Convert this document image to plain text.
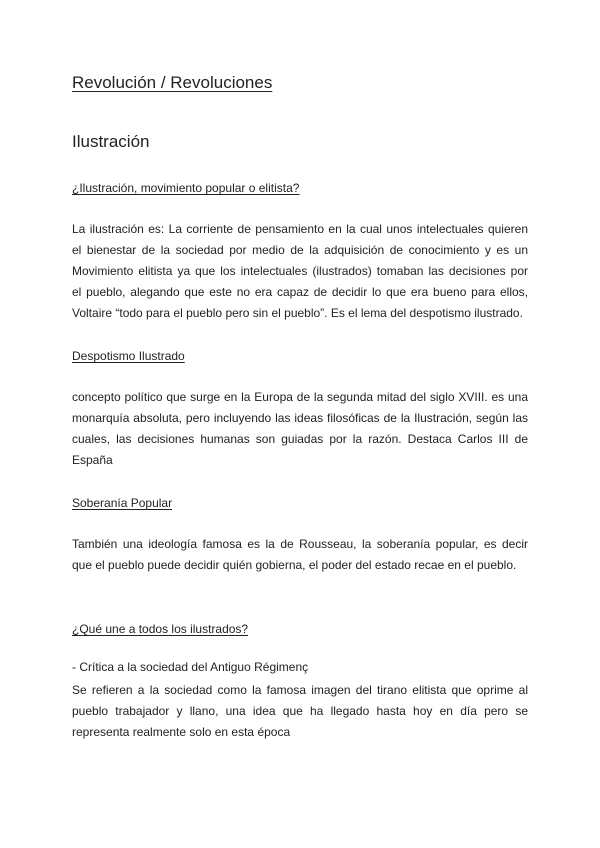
Revolución / Revoluciones
Ilustración
¿Ilustración, movimiento popular o elitista?
La ilustración es: La corriente de pensamiento en la cual unos intelectuales quieren
el bienestar de la sociedad por medio de la adquisición de conocimiento y es un
Movimiento elitista ya que los intelectuales (ilustrados) tomaban las decisiones por
el pueblo, alegando que este no era capaz de decidir lo que era bueno para ellos,
Voltaire “todo para el pueblo pero sin el pueblo”. Es el lema del despotismo ilustrado.
Despotismo Ilustrado
concepto político que surge en la Europa de la segunda mitad del siglo XVIII. es una
monarquía absoluta, pero incluyendo las ideas filosóficas de la Ilustración, según las
cuales, las decisiones humanas son guiadas por la razón. Destaca Carlos III de
España
Soberanía Popular
También una ideología famosa es la de Rousseau, la soberanía popular, es decir
que el pueblo puede decidir quién gobierna, el poder del estado recae en el pueblo.
¿Qué une a todos los ilustrados?
- Crítica a la sociedad del Antiguo Régimenç
Se refieren a la sociedad como la famosa imagen del tirano elitista que oprime al
pueblo trabajador y llano, una idea que ha llegado hasta hoy en día pero se
representa realmente solo en esta época
